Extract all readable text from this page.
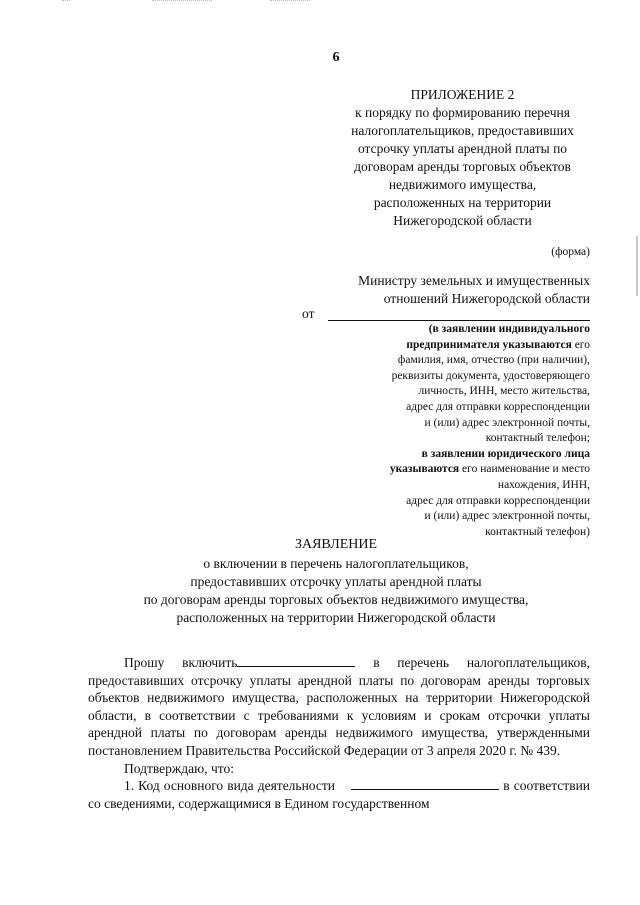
6
ПРИЛОЖЕНИЕ 2
к порядку по формированию перечня
налогоплательщиков, предоставивших
отсрочку уплаты арендной платы по
договорам аренды торговых объектов
недвижимого имущества,
расположенных на территории
Нижегородской области
(форма)
Министру земельных и имущественных
отношений Нижегородской области
от
(в заявлении индивидуального
предпринимателя указываются его
фамилия, имя, отчество (при наличии),
реквизиты документа, удостоверяющего
личность, ИНН, место жительства,
адрес для отправки корреспонденции
и (или) адрес электронной почты,
контактный телефон;
в заявлении юридического лица
указываются его наименование и место
нахождения, ИНН,
адрес для отправки корреспонденции
и (или) адрес электронной почты,
контактный телефон)
ЗАЯВЛЕНИЕ
о включении в перечень налогоплательщиков,
предоставивших отсрочку уплаты арендной платы
по договорам аренды торговых объектов недвижимого имущества,
расположенных на территории Нижегородской области

Прошу включить	в перечень налогоплательщиков, предоставивших отсрочку уплаты арендной платы по договорам аренды торговых объектов недвижимого имущества, расположенных на территории Нижегородской области, в соответствии с требованиями к условиям и срокам отсрочки уплаты арендной платы по договорам аренды недвижимого имущества, утвержденными постановлением Правительства Российской Федерации от 3 апреля 2020 г. № 439.

Подтверждаю, что:

1. Код основного вида деятельности	в соответствии со сведениями, содержащимися в Едином государственном
